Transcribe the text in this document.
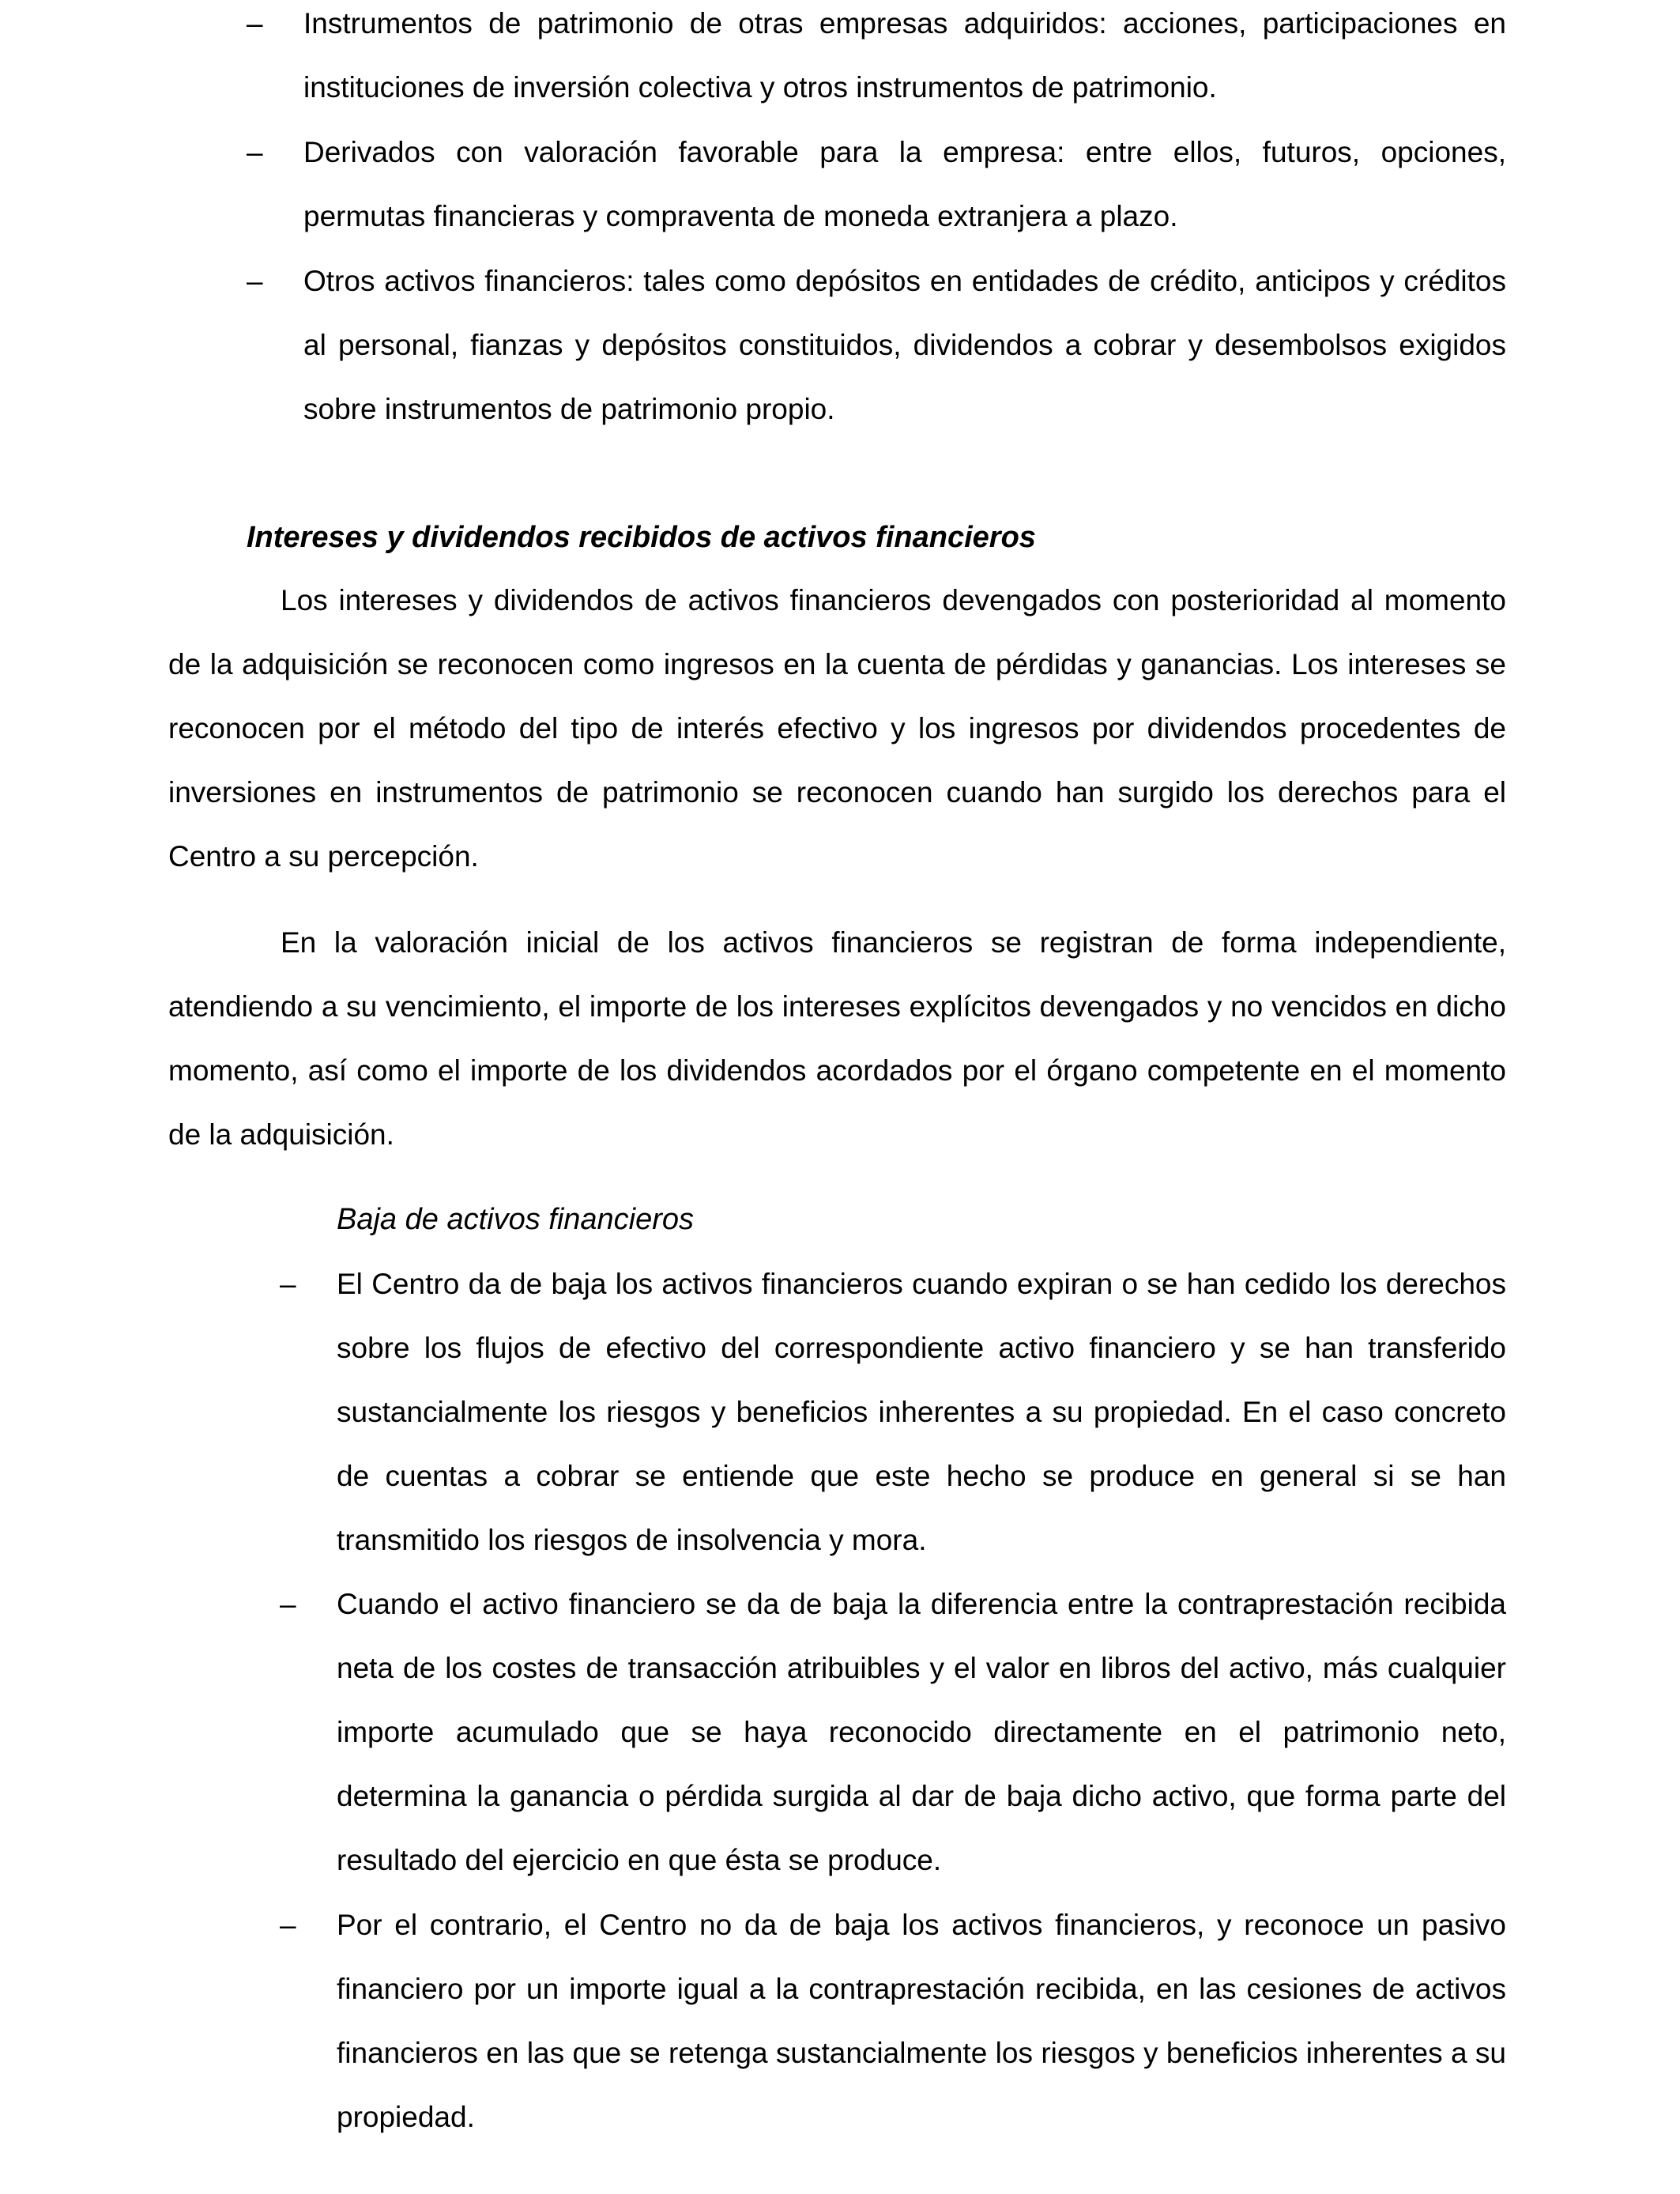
– Instrumentos de patrimonio de otras empresas adquiridos: acciones, participaciones en instituciones de inversión colectiva y otros instrumentos de patrimonio.

– Derivados con valoración favorable para la empresa: entre ellos, futuros, opciones, permutas financieras y compraventa de moneda extranjera a plazo.

– Otros activos financieros: tales como depósitos en entidades de crédito, anticipos y créditos al personal, fianzas y depósitos constituidos, dividendos a cobrar y desembolsos exigidos sobre instrumentos de patrimonio propio.

Intereses y dividendos recibidos de activos financieros

Los intereses y dividendos de activos financieros devengados con posterioridad al momento de la adquisición se reconocen como ingresos en la cuenta de pérdidas y ganancias. Los intereses se reconocen por el método del tipo de interés efectivo y los ingresos por dividendos procedentes de inversiones en instrumentos de patrimonio se reconocen cuando han surgido los derechos para el Centro a su percepción.

En la valoración inicial de los activos financieros se registran de forma independiente, atendiendo a su vencimiento, el importe de los intereses explícitos devengados y no vencidos en dicho momento, así como el importe de los dividendos acordados por el órgano competente en el momento de la adquisición.

Baja de activos financieros
– El Centro da de baja los activos financieros cuando expiran o se han cedido los derechos sobre los flujos de efectivo del correspondiente activo financiero y se han transferido sustancialmente los riesgos y beneficios inherentes a su propiedad. En el caso concreto de cuentas a cobrar se entiende que este hecho se produce en general si se han transmitido los riesgos de insolvencia y mora.

– Cuando el activo financiero se da de baja la diferencia entre la contraprestación recibida neta de los costes de transacción atribuibles y el valor en libros del activo, más cualquier importe acumulado que se haya reconocido directamente en el patrimonio neto, determina la ganancia o pérdida surgida al dar de baja dicho activo, que forma parte del resultado del ejercicio en que ésta se produce.

– Por el contrario, el Centro no da de baja los activos financieros, y reconoce un pasivo financiero por un importe igual a la contraprestación recibida, en las cesiones de activos financieros en las que se retenga sustancialmente los riesgos y beneficios inherentes a su propiedad.
